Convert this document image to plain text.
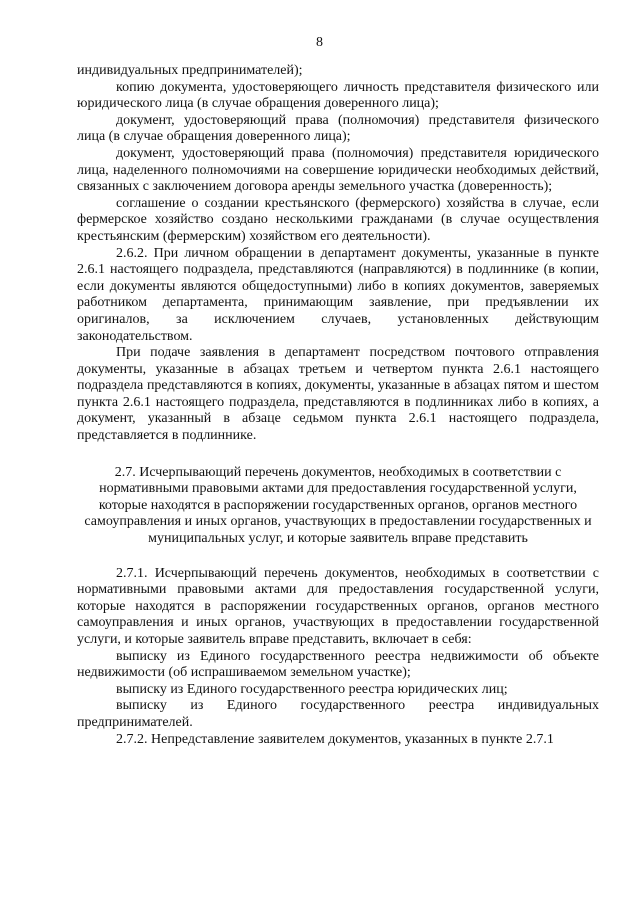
8

индивидуальных предпринимателей);

копию документа, удостоверяющего личность представителя физического или юридического лица (в случае обращения доверенного лица);

документ, удостоверяющий права (полномочия) представителя физического лица (в случае обращения доверенного лица);

документ, удостоверяющий права (полномочия) представителя юридического лица, наделенного полномочиями на совершение юридически необходимых действий, связанных с заключением договора аренды земельного участка (доверенность);

соглашение о создании крестьянского (фермерского) хозяйства в случае, если фермерское хозяйство создано несколькими гражданами (в случае осуществления крестьянским (фермерским) хозяйством его деятельности).

2.6.2. При личном обращении в департамент документы, указанные в пункте 2.6.1 настоящего подраздела, представляются (направляются) в подлиннике (в копии, если документы являются общедоступными) либо в копиях документов, заверяемых работником департамента, принимающим заявление, при предъявлении их оригиналов, за исключением случаев, установленных действующим законодательством.

При подаче заявления в департамент посредством почтового отправления документы, указанные в абзацах третьем и четвертом пункта 2.6.1 настоящего подраздела представляются в копиях, документы, указанные в абзацах пятом и шестом пункта 2.6.1 настоящего подраздела, представляются в подлинниках либо в копиях, а документ, указанный в абзаце седьмом пункта 2.6.1 настоящего подраздела, представляется в подлиннике.

2.7. Исчерпывающий перечень документов, необходимых в соответствии с нормативными правовыми актами для предоставления государственной услуги, которые находятся в распоряжении государственных органов, органов местного самоуправления и иных органов, участвующих в предоставлении государственных и муниципальных услуг, и которые заявитель вправе представить

2.7.1. Исчерпывающий перечень документов, необходимых в соответствии с нормативными правовыми актами для предоставления государственной услуги, которые находятся в распоряжении государственных органов, органов местного самоуправления и иных органов, участвующих в предоставлении государственной услуги, и которые заявитель вправе представить, включает в себя:

выписку из Единого государственного реестра недвижимости об объекте недвижимости (об испрашиваемом земельном участке);

выписку из Единого государственного реестра юридических лиц;

выписку из Единого государственного реестра индивидуальных предпринимателей.

2.7.2. Непредставление заявителем документов, указанных в пункте 2.7.1
